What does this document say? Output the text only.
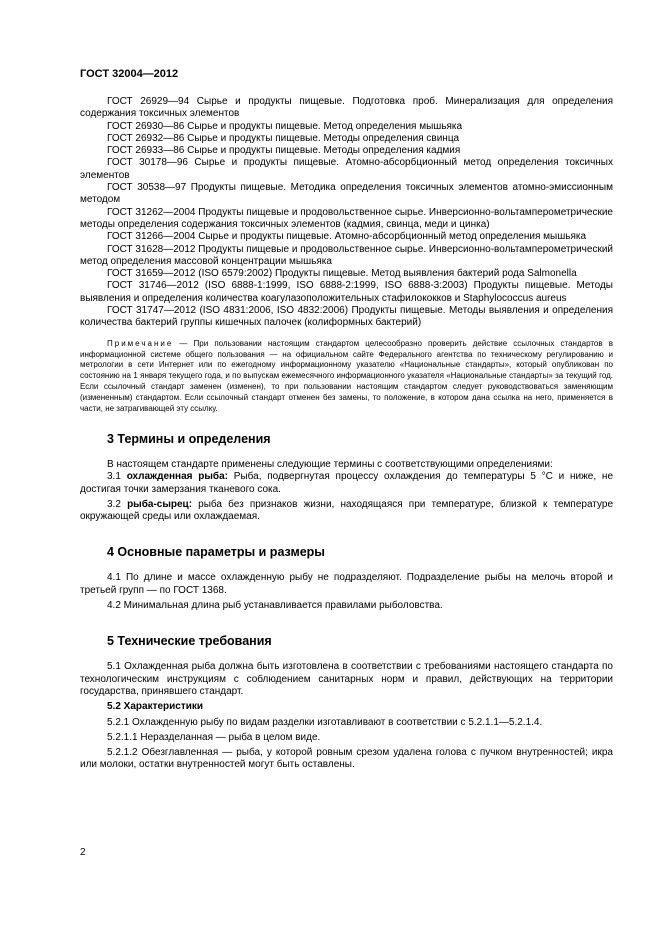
ГОСТ 32004—2012

ГОСТ 26929—94 Сырье и продукты пищевые. Подготовка проб. Минерализация для определения содержания токсичных элементов

ГОСТ 26930—86 Сырье и продукты пищевые. Метод определения мышьяка

ГОСТ 26932—86 Сырье и продукты пищевые. Методы определения свинца

ГОСТ 26933—86 Сырье и продукты пищевые. Методы определения кадмия

ГОСТ 30178—96 Сырье и продукты пищевые. Атомно-абсорбционный метод определения токсичных элементов

ГОСТ 30538—97 Продукты пищевые. Методика определения токсичных элементов атомно-эмиссионным методом

ГОСТ 31262—2004 Продукты пищевые и продовольственное сырье. Инверсионно-вольтамперометрические методы определения содержания токсичных элементов (кадмия, свинца, меди и цинка)

ГОСТ 31266—2004 Сырье и продукты пищевые. Атомно-абсорбционный метод определения мышьяка

ГОСТ 31628—2012 Продукты пищевые и продовольственное сырье. Инверсионно-вольтамперометрический метод определения массовой концентрации мышьяка

ГОСТ 31659—2012 (ISO 6579:2002) Продукты пищевые. Метод выявления бактерий рода Salmonella

ГОСТ 31746—2012 (ISO 6888-1:1999, ISO 6888-2:1999, ISO 6888-3:2003) Продукты пищевые. Методы выявления и определения количества коагулазоположительных стафилококков и Staphylococcus aureus

ГОСТ 31747—2012 (ISO 4831:2006, ISO 4832:2006) Продукты пищевые. Методы выявления и определения количества бактерий группы кишечных палочек (колиформных бактерий)

Примечание — При пользовании настоящим стандартом целесообразно проверить действие ссылочных стандартов в информационной системе общего пользования — на официальном сайте Федерального агентства по техническому регулированию и метрологии в сети Интернет или по ежегодному информационному указателю «Национальные стандарты», который опубликован по состоянию на 1 января текущего года, и по выпускам ежемесячного информационного указателя «Национальные стандарты» за текущий год. Если ссылочный стандарт заменен (изменен), то при пользовании настоящим стандартом следует руководствоваться заменяющим (измененным) стандартом. Если ссылочный стандарт отменен без замены, то положение, в котором дана ссылка на него, применяется в части, не затрагивающей эту ссылку.

3 Термины и определения

В настоящем стандарте применены следующие термины с соответствующими определениями:

3.1 охлажденная рыба: Рыба, подвергнутая процессу охлаждения до температуры 5 °С и ниже, не достигая точки замерзания тканевого сока.

3.2 рыба-сырец: рыба без признаков жизни, находящаяся при температуре, близкой к температуре окружающей среды или охлаждаемая.

4 Основные параметры и размеры

4.1 По длине и массе охлажденную рыбу не подразделяют. Подразделение рыбы на мелочь второй и третьей групп — по ГОСТ 1368.

4.2 Минимальная длина рыб устанавливается правилами рыболовства.

5 Технические требования

5.1 Охлажденная рыба должна быть изготовлена в соответствии с требованиями настоящего стандарта по технологическим инструкциям с соблюдением санитарных норм и правил, действующих на территории государства, принявшего стандарт.

5.2 Характеристики

5.2.1 Охлажденную рыбу по видам разделки изготавливают в соответствии с 5.2.1.1—5.2.1.4.

5.2.1.1 Неразделанная — рыба в целом виде.

5.2.1.2 Обезглавленная — рыба, у которой ровным срезом удалена голова с пучком внутренностей; икра или молоки, остатки внутренностей могут быть оставлены.

2
